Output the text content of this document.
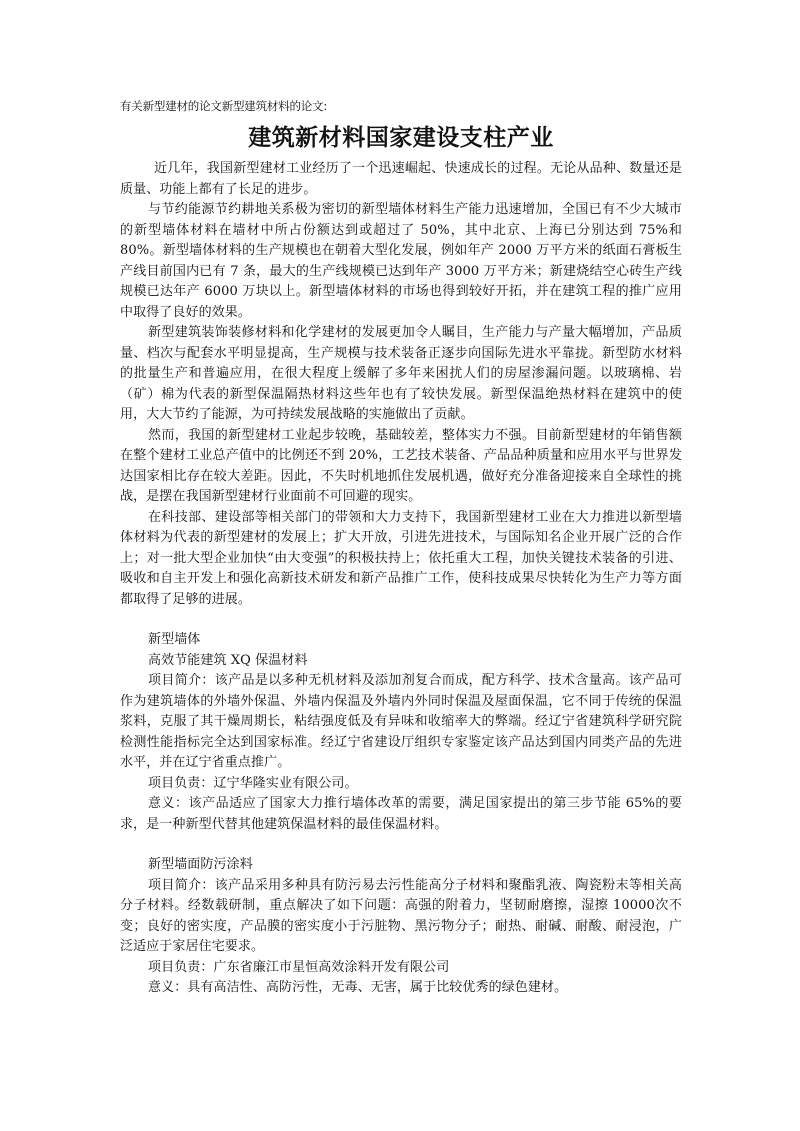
有关新型建材的论文新型建筑材料的论文:

建筑新材料国家建设支柱产业

近几年，我国新型建材工业经历了一个迅速崛起、快速成长的过程。无论从品种、数量还是质量、功能上都有了长足的进步。

与节约能源节约耕地关系极为密切的新型墙体材料生产能力迅速增加，全国已有不少大城市的新型墙体材料在墙材中所占份额达到或超过了 50%，其中北京、上海已分别达到 75%和 80%。新型墙体材料的生产规模也在朝着大型化发展，例如年产 2000 万平方米的纸面石膏板生产线目前国内已有 7 条，最大的生产线规模已达到年产 3000 万平方米；新建烧结空心砖生产线规模已达年产 6000 万块以上。新型墙体材料的市场也得到较好开拓，并在建筑工程的推广应用中取得了良好的效果。

新型建筑装饰装修材料和化学建材的发展更加令人瞩目，生产能力与产量大幅增加，产品质量、档次与配套水平明显提高，生产规模与技术装备正逐步向国际先进水平靠拢。新型防水材料的批量生产和普遍应用，在很大程度上缓解了多年来困扰人们的房屋渗漏问题。以玻璃棉、岩（矿）棉为代表的新型保温隔热材料这些年也有了较快发展。新型保温绝热材料在建筑中的使用，大大节约了能源，为可持续发展战略的实施做出了贡献。

然而，我国的新型建材工业起步较晚，基础较差，整体实力不强。目前新型建材的年销售额在整个建材工业总产值中的比例还不到 20%，工艺技术装备、产品品种质量和应用水平与世界发达国家相比存在较大差距。因此，不失时机地抓住发展机遇，做好充分准备迎接来自全球性的挑战，是摆在我国新型建材行业面前不可回避的现实。

在科技部、建设部等相关部门的带领和大力支持下，我国新型建材工业在大力推进以新型墙体材料为代表的新型建材的发展上；扩大开放，引进先进技术，与国际知名企业开展广泛的合作上；对一批大型企业加快“由大变强”的积极扶持上；依托重大工程，加快关键技术装备的引进、吸收和自主开发上和强化高新技术研发和新产品推广工作，使科技成果尽快转化为生产力等方面都取得了足够的进展。

新型墙体

高效节能建筑 XQ 保温材料

项目简介：该产品是以多种无机材料及添加剂复合而成，配方科学、技术含量高。该产品可作为建筑墙体的外墙外保温、外墙内保温及外墙内外同时保温及屋面保温，它不同于传统的保温浆料，克服了其干燥周期长，粘结强度低及有异味和收缩率大的弊端。经辽宁省建筑科学研究院检测性能指标完全达到国家标准。经辽宁省建设厅组织专家鉴定该产品达到国内同类产品的先进水平，并在辽宁省重点推广。

项目负责：辽宁华隆实业有限公司。

意义：该产品适应了国家大力推行墙体改革的需要，满足国家提出的第三步节能 65%的要求，是一种新型代替其他建筑保温材料的最佳保温材料。

新型墙面防污涂料

项目简介：该产品采用多种具有防污易去污性能高分子材料和聚酯乳液、陶瓷粉末等相关高分子材料。经数载研制，重点解决了如下问题：高强的附着力，坚韧耐磨擦，湿擦 10000次不变；良好的密实度，产品膜的密实度小于污脏物、黑污物分子；耐热、耐碱、耐酸、耐浸泡，广泛适应于家居住宅要求。

项目负责：广东省廉江市星恒高效涂料开发有限公司

意义：具有高洁性、高防污性，无毒、无害，属于比较优秀的绿色建材。
